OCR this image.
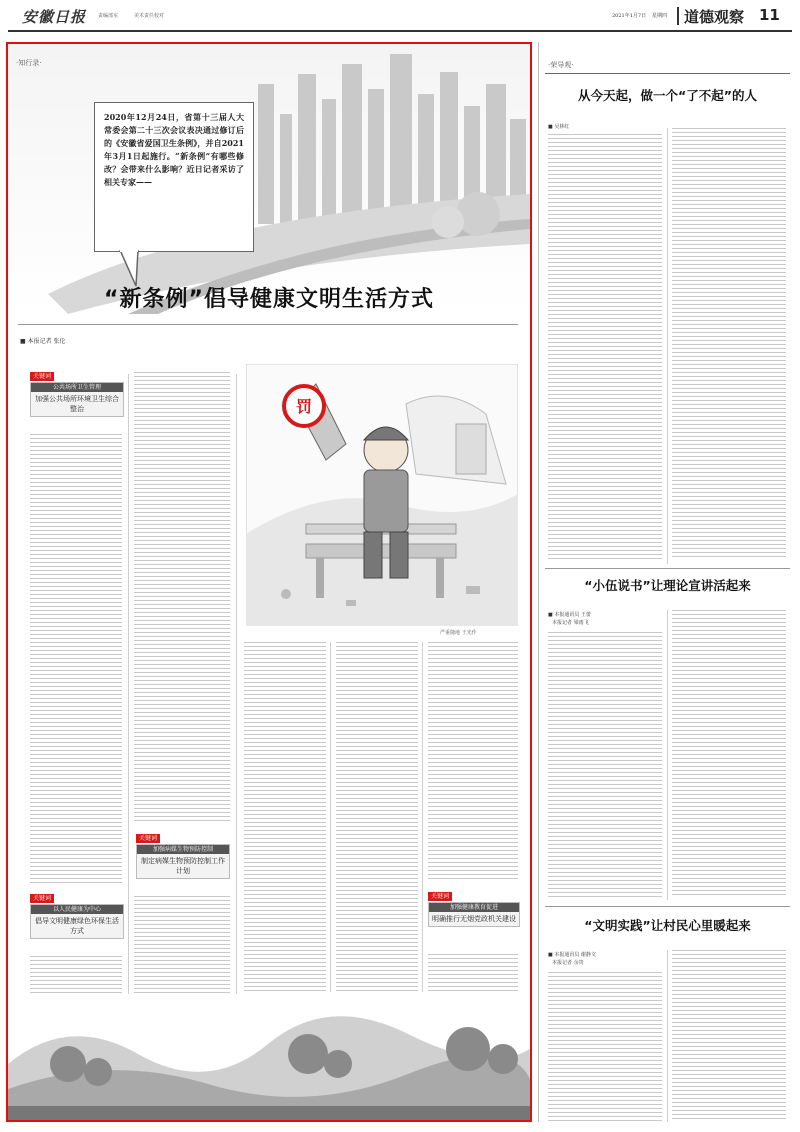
安徽日报 责编部室	美术责任校对	2021年1月7日 星期四 道德观察 11
·知行录·
2020年12月24日，省第十三届人大常委会第二十三次会议表决通过修订后的《安徽省爱国卫生条例》，并自2021年3月1日起施行。“新条例”有哪些修改？会带来什么影响？近日记者采访了相关专家——
“新条例”倡导健康文明生活方式
■ 本报记者 张伦
关键词
公共场所卫生管理
加强公共场所环境卫生综合整治
关键词
以人民健康为中心
倡导文明健康绿色环保生活方式
关键词
加强病媒生物预防控制
制定病媒生物预防控制工作计划
罚
严重随地 王光作
关键词
加强健康教育促进
明确推行无烟党政机关建设
·荣导观·
从今天起，做一个“了不起”的人
■ 吴林红
“小伍说书”让理论宣讲活起来
■ 本报通讯员 王蕾
本报记者 梁雨飞
“文明实践”让村民心里暖起来
■ 本报通讯员 谢静文
本报记者 余贵
